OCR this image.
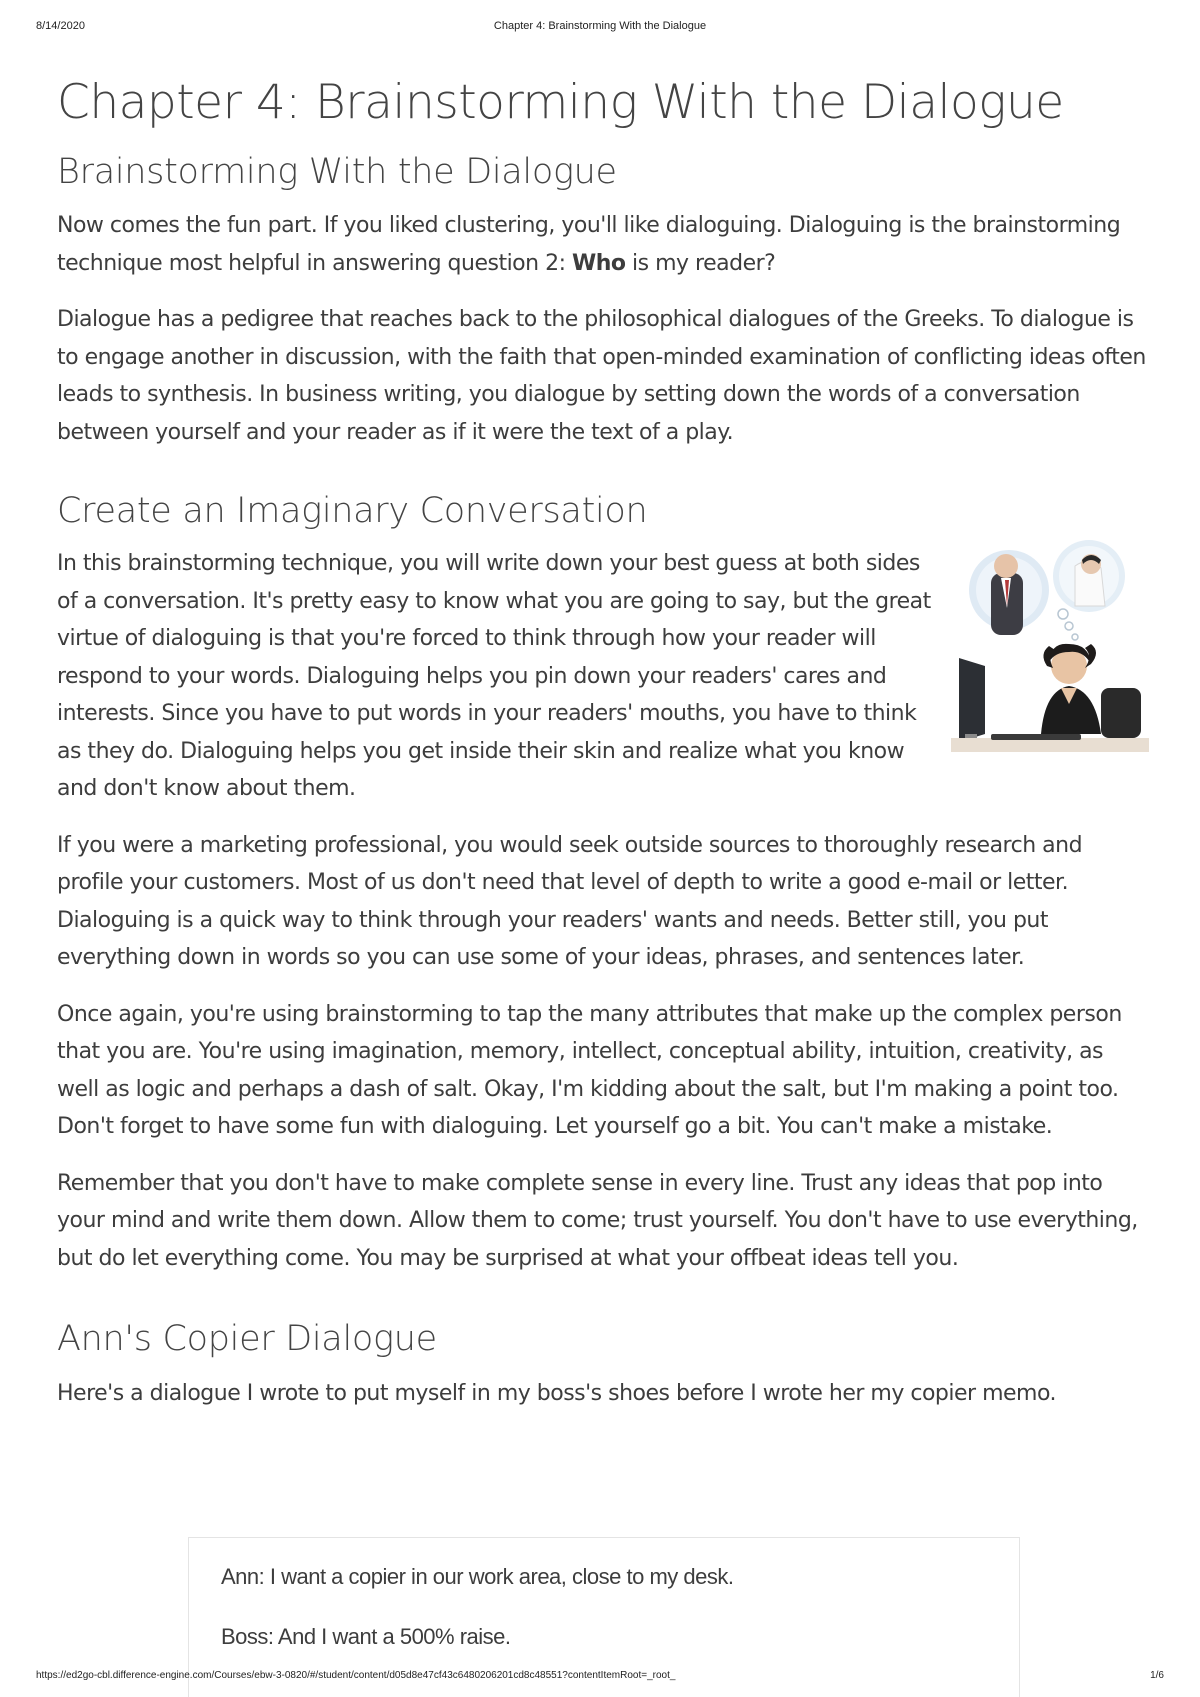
8/14/2020	Chapter 4: Brainstorming With the Dialogue
Chapter 4: Brainstorming With the Dialogue
Brainstorming With the Dialogue

Now comes the fun part. If you liked clustering, you'll like dialoguing. Dialoguing is the brainstorming technique most helpful in answering question 2: Who is my reader?

Dialogue has a pedigree that reaches back to the philosophical dialogues of the Greeks. To dialogue is to engage another in discussion, with the faith that open-minded examination of conflicting ideas often leads to synthesis. In business writing, you dialogue by setting down the words of a conversation between yourself and your reader as if it were the text of a play.

Create an Imaginary Conversation

In this brainstorming technique, you will write down your best guess at both sides of a conversation. It's pretty easy to know what you are going to say, but the great virtue of dialoguing is that you're forced to think through how your reader will respond to your words. Dialoguing helps you pin down your readers' cares and interests. Since you have to put words in your readers' mouths, you have to think as they do. Dialoguing helps you get inside their skin and realize what you know and don't know about them.

If you were a marketing professional, you would seek outside sources to thoroughly research and profile your customers. Most of us don't need that level of depth to write a good e-mail or letter. Dialoguing is a quick way to think through your readers' wants and needs. Better still, you put everything down in words so you can use some of your ideas, phrases, and sentences later.

Once again, you're using brainstorming to tap the many attributes that make up the complex person that you are. You're using imagination, memory, intellect, conceptual ability, intuition, creativity, as well as logic and perhaps a dash of salt. Okay, I'm kidding about the salt, but I'm making a point too. Don't forget to have some fun with dialoguing. Let yourself go a bit. You can't make a mistake.

Remember that you don't have to make complete sense in every line. Trust any ideas that pop into your mind and write them down. Allow them to come; trust yourself. You don't have to use everything, but do let everything come. You may be surprised at what your offbeat ideas tell you.

Ann's Copier Dialogue

Here's a dialogue I wrote to put myself in my boss's shoes before I wrote her my copier memo.

Ann: I want a copier in our work area, close to my desk.

Boss: And I want a 500% raise.

https://ed2go-cbl.difference-engine.com/Courses/ebw-3-0820/#/student/content/d05d8e47cf43c6480206201cd8c48551?contentItemRoot=_root_	1/6
